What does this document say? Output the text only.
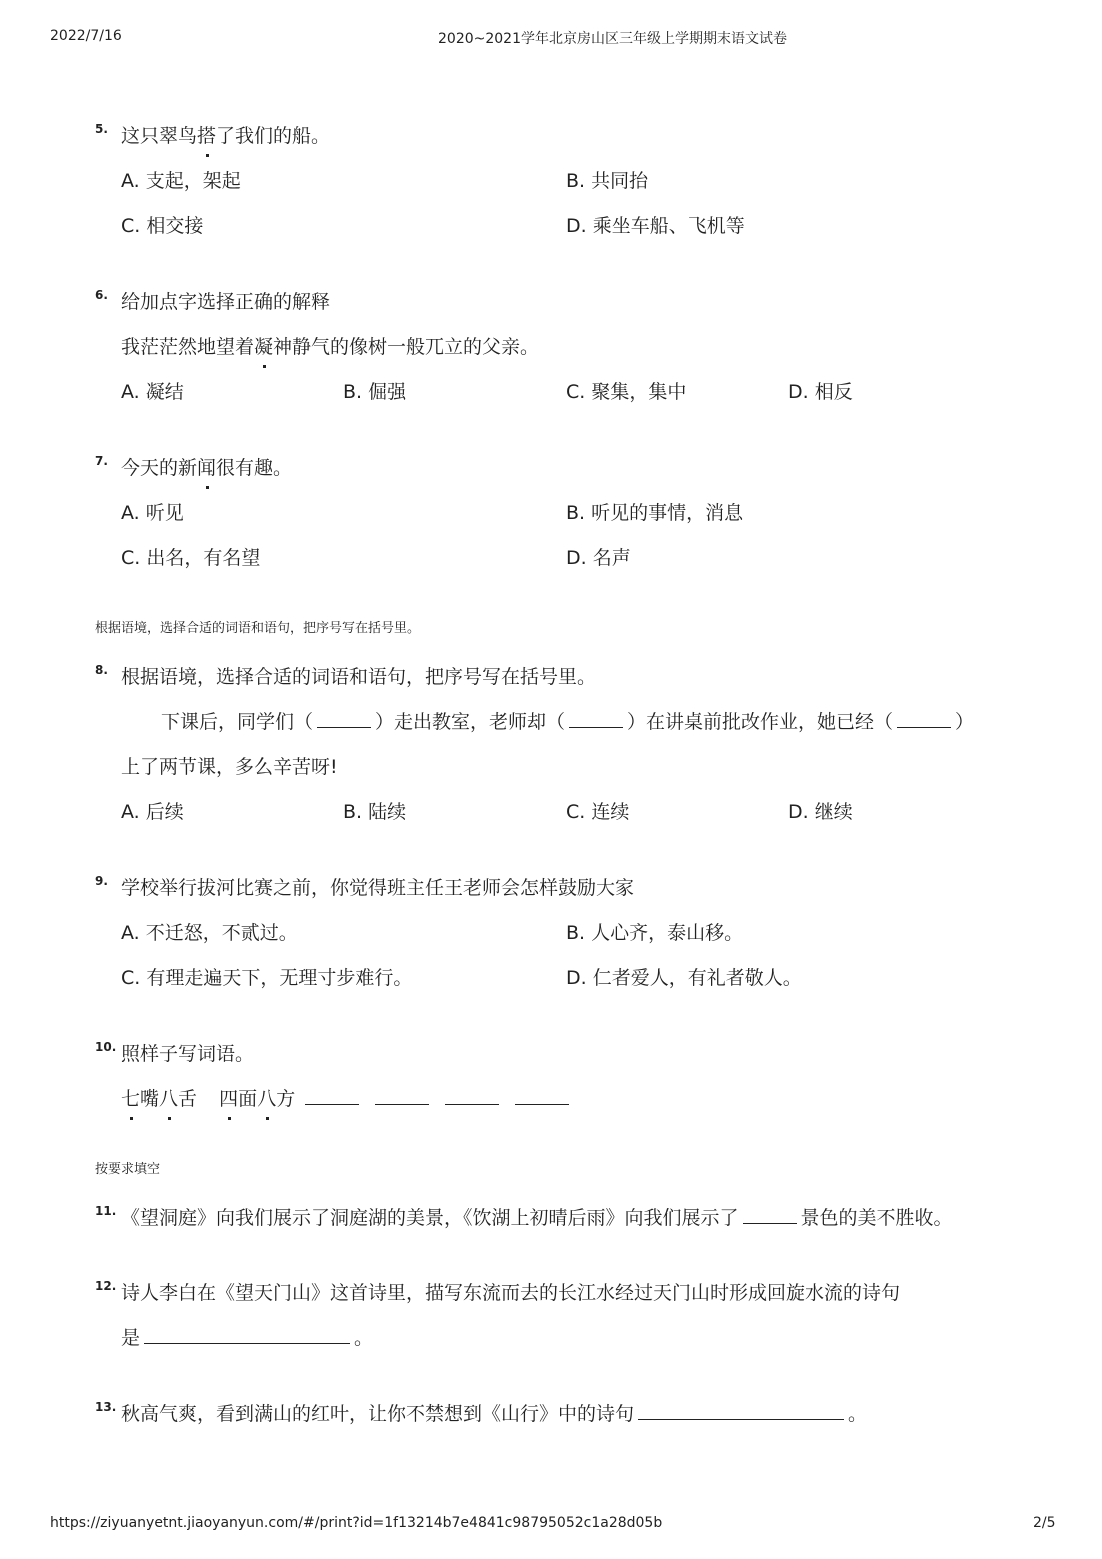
2022/7/16	2020~2021学年北京房山区三年级上学期期末语文试卷
5. 这只翠鸟搭了我们的船。
A. 支起，架起	B. 共同抬
C. 相交接	D. 乘坐车船、飞机等
6. 给加点字选择正确的解释
我茫茫然地望着凝神静气的像树一般兀立的父亲。
A. 凝结	B. 倔强	C. 聚集，集中	D. 相反
7. 今天的新闻很有趣。
A. 听见	B. 听见的事情，消息
C. 出名，有名望	D. 名声
根据语境，选择合适的词语和语句，把序号写在括号里。
8. 根据语境，选择合适的词语和语句，把序号写在括号里。
下课后，同学们（	）走出教室，老师却（	）在讲桌前批改作业，她已经（	）
上了两节课，多么辛苦呀!
A. 后续	B. 陆续	C. 连续	D. 继续
9. 学校举行拔河比赛之前，你觉得班主任王老师会怎样鼓励大家
A. 不迁怒，不贰过。	B. 人心齐，泰山移。
C. 有理走遍天下，无理寸步难行。	D. 仁者爱人，有礼者敬人。
10. 照样子写词语。
七嘴八舌 四面八方
按要求填空
11. 《望洞庭》向我们展示了洞庭湖的美景，《饮湖上初晴后雨》向我们展示了	景色的美不胜收。
12. 诗人李白在《望天门山》这首诗里，描写东流而去的长江水经过天门山时形成回旋水流的诗句
是	。
13. 秋高气爽，看到满山的红叶，让你不禁想到《山行》中的诗句	。
https://ziyuanyetnt.jiaoyanyun.com/#/print?id=1f13214b7e4841c98795052c1a28d05b	2/5
